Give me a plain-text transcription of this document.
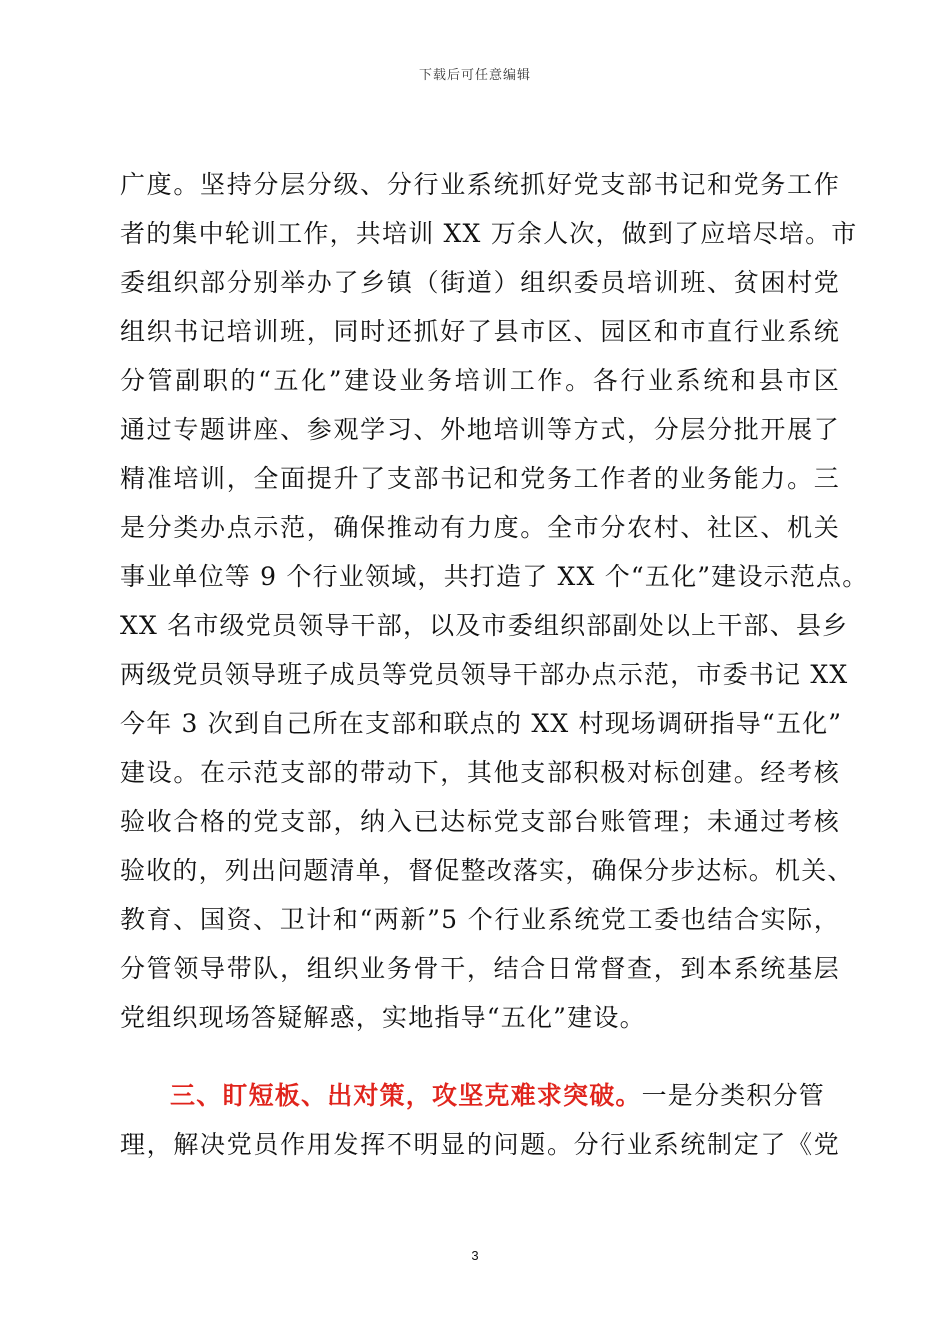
下载后可任意编辑
广度。坚持分层分级、分行业系统抓好党支部书记和党务工作
者的集中轮训工作，共培训 XX 万余人次，做到了应培尽培。市
委组织部分别举办了乡镇（街道）组织委员培训班、贫困村党
组织书记培训班，同时还抓好了县市区、园区和市直行业系统
分管副职的“五化”建设业务培训工作。各行业系统和县市区
通过专题讲座、参观学习、外地培训等方式，分层分批开展了
精准培训，全面提升了支部书记和党务工作者的业务能力。三
是分类办点示范，确保推动有力度。全市分农村、社区、机关
事业单位等 9 个行业领域，共打造了 XX 个“五化”建设示范点。
XX 名市级党员领导干部，以及市委组织部副处以上干部、县乡
两级党员领导班子成员等党员领导干部办点示范，市委书记 XX
今年 3 次到自己所在支部和联点的 XX 村现场调研指导“五化”
建设。在示范支部的带动下，其他支部积极对标创建。经考核
验收合格的党支部，纳入已达标党支部台账管理；未通过考核
验收的，列出问题清单，督促整改落实，确保分步达标。机关、
教育、国资、卫计和“两新”5 个行业系统党工委也结合实际，
分管领导带队，组织业务骨干，结合日常督查，到本系统基层
党组织现场答疑解惑，实地指导“五化”建设。
三、盯短板、出对策，攻坚克难求突破。一是分类积分管
理，解决党员作用发挥不明显的问题。分行业系统制定了《党
3
